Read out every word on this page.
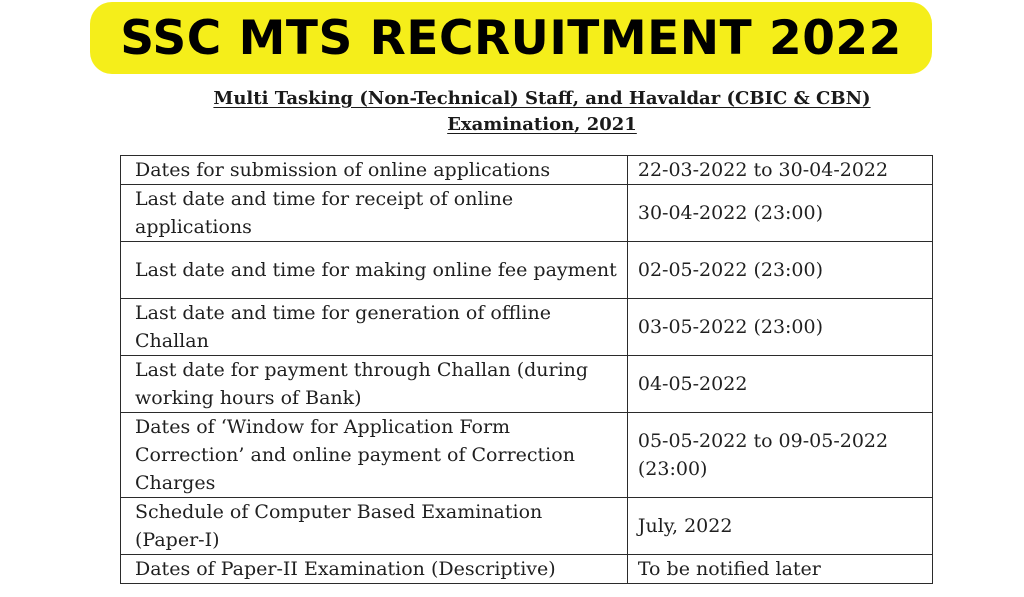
SSC MTS RECRUITMENT 2022
Multi Tasking (Non-Technical) Staff, and Havaldar (CBIC & CBN)
Examination, 2021
Dates for submission of online applications	22-03-2022 to 30-04-2022
Last date and time for receipt of online applications	30-04-2022 (23:00)
Last date and time for making online fee payment	02-05-2022 (23:00)
Last date and time for generation of offline Challan	03-05-2022 (23:00)
Last date for payment through Challan (during working hours of Bank)	04-05-2022
Dates of ‘Window for Application Form Correction’ and online payment of Correction Charges	05-05-2022 to 09-05-2022 (23:00)
Schedule of Computer Based Examination (Paper-I)	July, 2022
Dates of Paper-II Examination (Descriptive)	To be notified later
